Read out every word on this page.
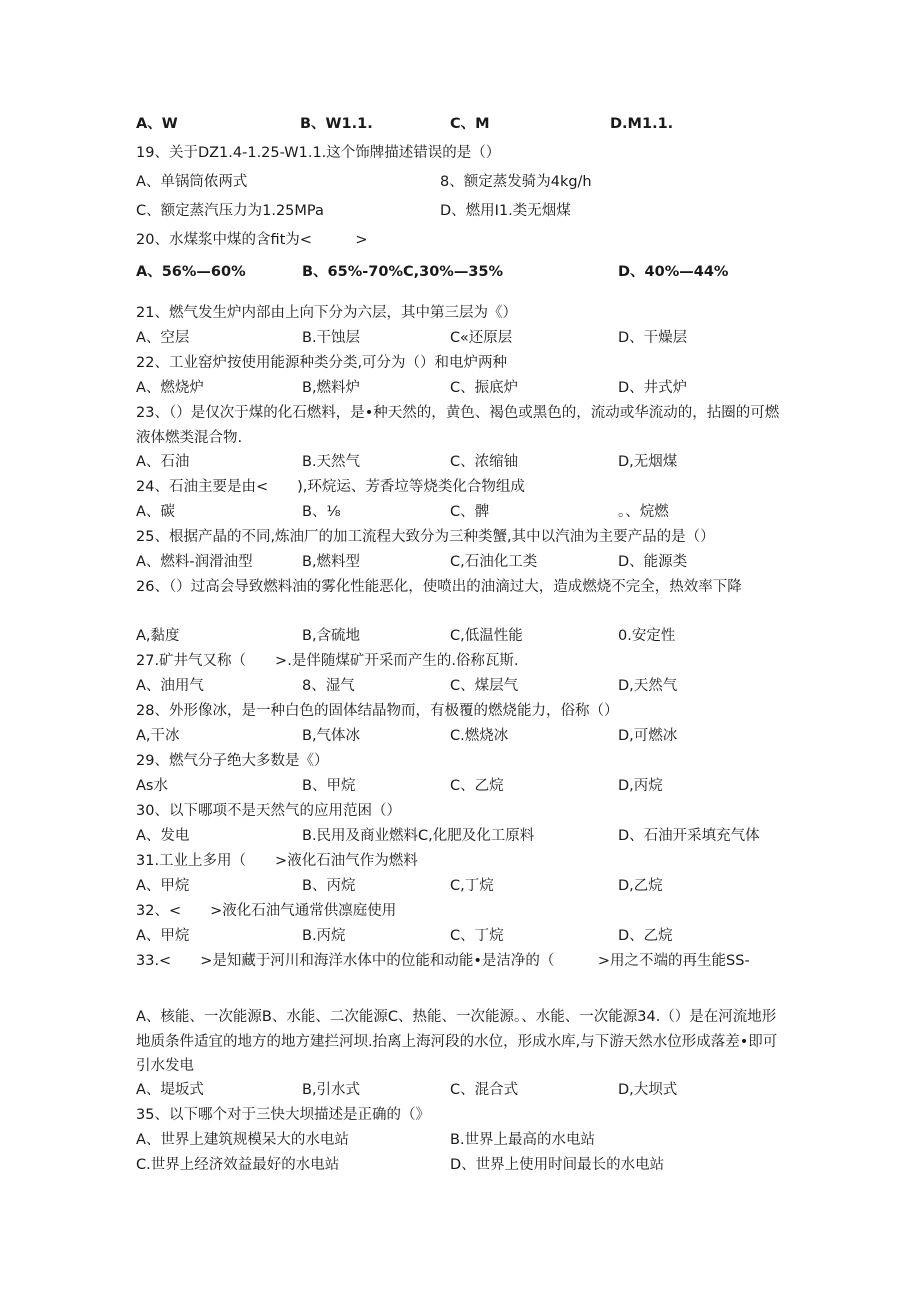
A、W	B、W1.1.	C、M	D.M1.1.
19、关于DZ1.4-1.25-W1.1.这个饰牌描述错误的是（）
A、单锅筒侬两式	8、额定蒸发骑为4kg∕h
C、额定蒸汽压力为1.25MPa	D、燃用I1.类无烟煤
20、水煤浆中煤的含fit为<　　　>
A、56%—60%	B、65%-70%C,30%—35%	D、40%—44%
21、燃气发生炉内部由上向下分为六层，其中第三层为《）
A、空层	B.干蚀层	C«还原层	D、干燥层
22、工业窑炉按使用能源种类分类,可分为（）和电炉两种
A、燃烧炉	B,燃料炉	C、振底炉	D、井式炉
23、（）是仅次于煤的化石燃料，是•种天然的，黄色、褐色或黑色的，流动或华流动的，拈圈的可燃液体燃类混合物.
A、石油	B.天然气	C、浓缩铀	D,无烟煤
24、石油主要是由<　　),环烷运、芳香垃等烧类化合物组成
A、碳	B、⅛	C、髀	。、烷燃
25、根据产晶的不同,炼油厂的加工流程大致分为三种类蟹,其中以汽油为主要产品的是（）
A、燃料-润滑油型	B,燃料型	C,石油化工类	D、能源类
26、（）过高会导致燃料油的雾化性能恶化，使喷出的油滴过大，造成燃烧不完全，热效率下降
A,黏度	B,含硫地	C,低温性能	0.安定性
27.矿井气又称（　　>.是伴随煤矿开采而产生的.俗称瓦斯.
A、油用气	8、湿气	C、煤层气	D,天然气
28、外形像冰，是一种白色的固体结晶物而，有极覆的燃烧能力，俗称（）
A,干冰	B,气体冰	C.燃烧冰	D,可燃冰
29、燃气分子绝大多数是《）
As水	B、甲烷	C、乙烷	D,丙烷
30、以下哪项不是天然气的应用范困（）
A、发电	B.民用及商业燃料C,化肥及化工原料	D、石油开采填充气体
31.工业上多用（　　>液化石油气作为燃料
A、甲烷	B、丙烷	C,丁烷	D,乙烷
32、<　　>液化石油气通常供凛庭使用
A、甲烷	B.丙烷	C、丁烷	D、乙烷
33.<　　>是知藏于河川和海洋水体中的位能和动能•是洁净的（　　　>用之不端的再生能SS-
A、核能、一次能源B、水能、二次能源C、热能、一次能源。、水能、一次能源34.（）是在河流地形地质条件适宜的地方的地方建拦河坝.抬离上海河段的水位，形成水库,与下游天然水位形成落差•即可引水发电
A、堤坂式	B,引水式	C、混合式	D,大坝式
35、以下哪个对于三快大坝描述是正确的（》
A、世界上建筑规模呆大的水电站	B.世界上最高的水电站
C.世界上经济效益最好的水电站	D、世界上使用时间最长的水电站
